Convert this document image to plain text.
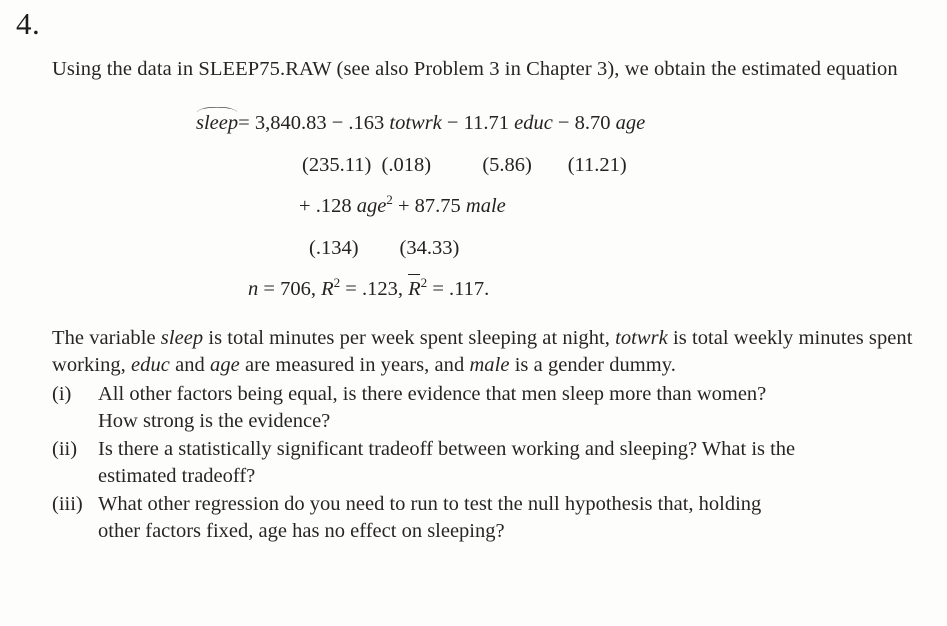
4.

Using the data in SLEEP75.RAW (see also Problem 3 in Chapter 3), we obtain the estimated equation

sleep= 3,840.83 − .163 totwrk − 11.71 educ − 8.70 age
(235.11) (.018)	(5.86) (11.21)
+ .128 age$^2$ + 87.75 male
(.134) (34.33)
n = 706, $R^2 = .123$, $R^2 = .117$.

The variable sleep is total minutes per week spent sleeping at night, totwrk is total weekly minutes spent working, educ and age are measured in years, and male is a gender dummy.

(i)	All other factors being equal, is there evidence that men sleep more than women?
How strong is the evidence?
(ii)	Is there a statistically significant tradeoff between working and sleeping? What is the
estimated tradeoff?
(iii) What other regression do you need to run to test the null hypothesis that, holding
other factors fixed, age has no effect on sleeping?
